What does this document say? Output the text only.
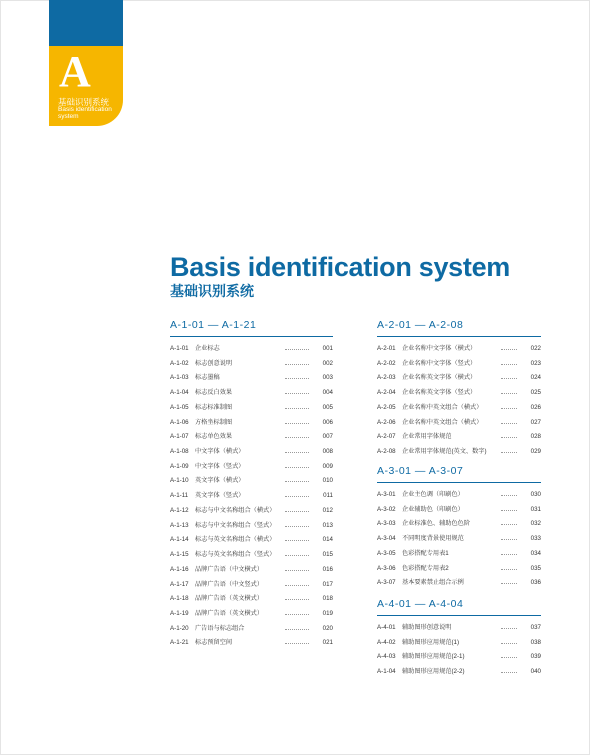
A
基础识别系统
Basis identification system
Basis identification system
基础识别系统
A-1-01 — A-1-21
A-1-01 企业标志	001
A-1-02 标志创意说明	002
A-1-03 标志墨稿	003
A-1-04 标志反白效果	004
A-1-05 标志标准制图	005
A-1-06 方格坐标制图	006
A-1-07 标志单色效果	007
A-1-08 中文字体（横式）	008
A-1-09 中文字体（竖式）	009
A-1-10 英文字体（横式）	010
A-1-11 英文字体（竖式）	011
A-1-12 标志与中文名称组合（横式）	012
A-1-13 标志与中文名称组合（竖式）	013
A-1-14 标志与英文名称组合（横式）	014
A-1-15 标志与英文名称组合（竖式）	015
A-1-16 品牌广告语（中文横式）	016
A-1-17 品牌广告语（中文竖式）	017
A-1-18 品牌广告语（英文横式）	018
A-1-19 品牌广告语（英文横式）	019
A-1-20 广告语与标志组合	020
A-1-21 标志预留空间	021
A-2-01 — A-2-08
A-2-01 企业名称中文字体（横式）	022
A-2-02 企业名称中文字体（竖式）	023
A-2-03 企业名称英文字体（横式）	024
A-2-04 企业名称英文字体（竖式）	025
A-2-05 企业名称中英文组合（横式）	026
A-2-06 企业名称中英文组合（横式）	027
A-2-07 企业常用字体规范	028
A-2-08 企业常用字体规范(英文、数字)	029
A-3-01 — A-3-07
A-3-01 企业主色调（印刷色）	030
A-3-02 企业辅助色（印刷色）	031
A-3-03 企业标准色、辅助色色阶	032
A-3-04 不同明度背景使用规范	033
A-3-05 色彩搭配专用表1	034
A-3-06 色彩搭配专用表2	035
A-3-07 基本要素禁止组合示例	036
A-4-01 — A-4-04
A-4-01 辅助图形创意说明	037
A-4-02 辅助图形应用规范(1)	038
A-4-03 辅助图形应用规范(2-1)	039
A-1-04 辅助图形应用规范(2-2)	040
